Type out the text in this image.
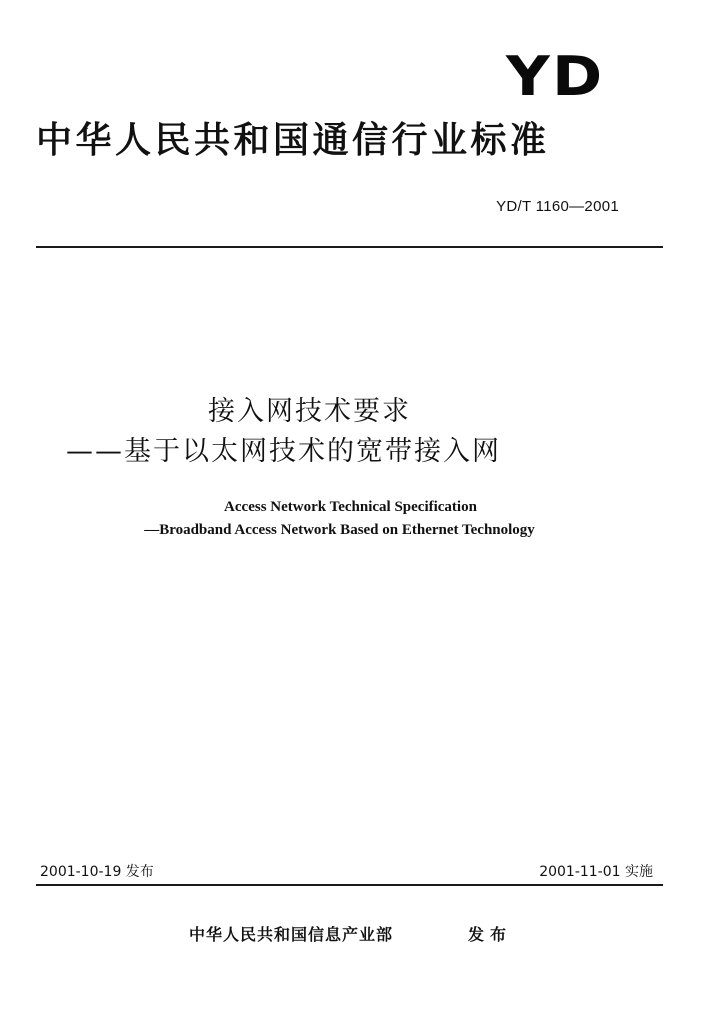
YD
中华人民共和国通信行业标准
YD/T 1160—2001
接入网技术要求
——基于以太网技术的宽带接入网
Access Network Technical Specification
—Broadband Access Network Based on Ethernet Technology
2001-10-19 发布	2001-11-01 实施
中华人民共和国信息产业部	发布
